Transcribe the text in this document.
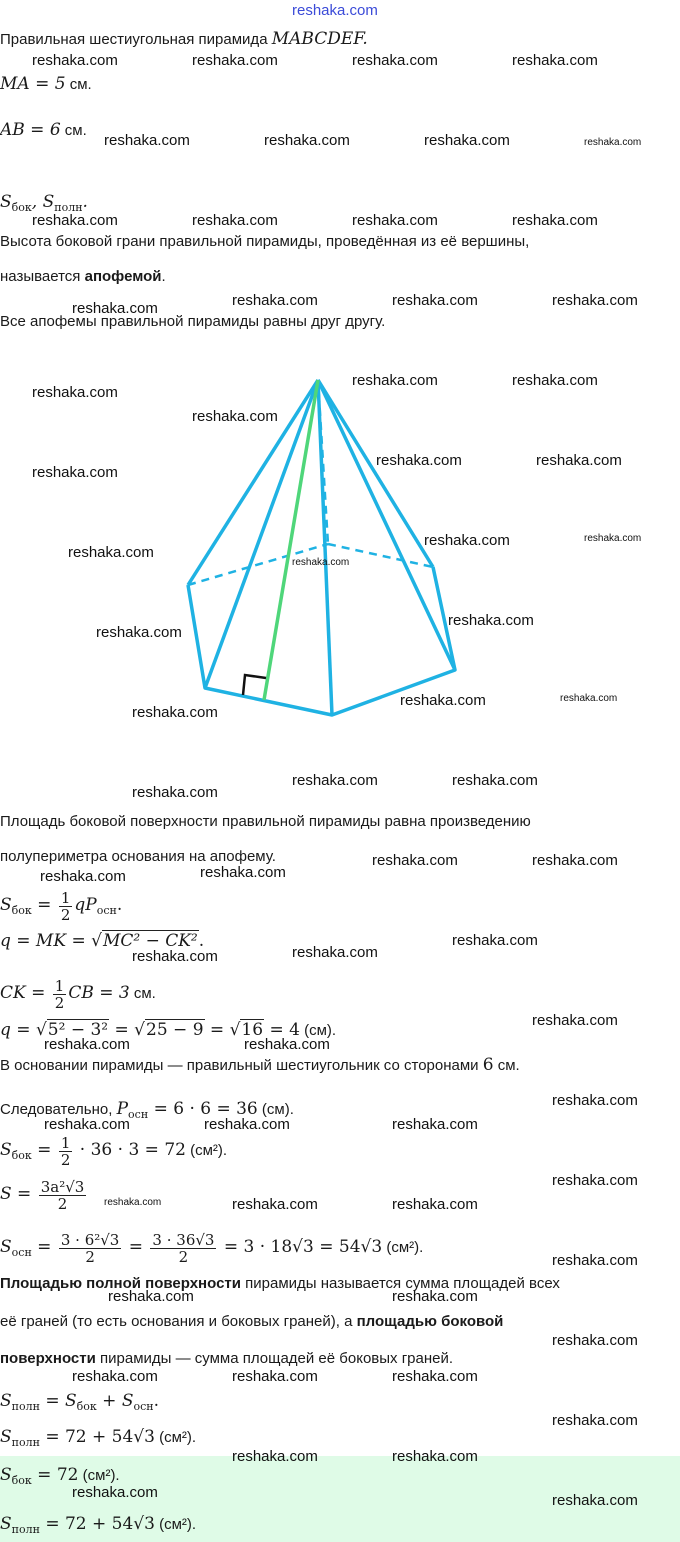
reshaka.com
Правильная шестиугольная пирамида MABCDEF.
MA = 5 см.
AB = 6 см.
$S_{бок}$, $S_{полн}$.
Высота боковой грани правильной пирамиды, проведённая из её вершины,
называется апофемой.
Все апофемы правильной пирамиды равны друг другу.
Площадь боковой поверхности правильной пирамиды равна произведению
полупериметра основания на апофему.
$S_{бок} = \frac{1}{2} qP_{осн}$.
q = MK = √MC² − CK².
CK = $\frac{1}{2}$ CB = 3 см.
q = √5² − 3² = √25 − 9 = √16 = 4 (см).
В основании пирамиды — правильный шестиугольник со сторонами 6 см.
Следовательно, $P_{осн} = 6 \cdot 6 = 36$ (см).
$S_{бок} = \frac{1}{2} \cdot 36 \cdot 3 = 72$ (см²).
$S = \frac{\text{3a²√3}}{2}$
$S_{осн} = \frac{\text{3 · 6²√3}}{2} = \frac{3 \cdot 36√3}{2} = 3 \cdot 18√3 = 54√3$ (см²).
Площадью полной поверхности пирамиды называется сумма площадей всех
её граней (то есть основания и боковых граней), а площадью боковой
поверхности пирамиды — сумма площадей её боковых граней.
$S_{полн} = S_{бок} + S_{осн}$.
$S_{полн} = 72 + 54√3$ (см²).
$S_{бок} = 72$ (см²).
$S_{полн} = 72 + 54√3$ (см²).
reshaka.com	reshaka.com	reshaka.com	reshaka.com
reshaka.com	reshaka.com	reshaka.com	reshaka.com
reshaka.com	reshaka.com	reshaka.com	reshaka.com
reshaka.com	reshaka.com	reshaka.com	reshaka.com
reshaka.com
reshaka.com	reshaka.com
reshaka.com
reshaka.com
reshaka.com	reshaka.com
reshaka.com
reshaka.com	reshaka.com
reshaka.com
reshaka.com
reshaka.com
reshaka.com
reshaka.com	reshaka.com
reshaka.com	reshaka.com
reshaka.com
reshaka.com	reshaka.com
reshaka.com	reshaka.com
reshaka.com
reshaka.com
reshaka.com
reshaka.com
reshaka.com	reshaka.com
reshaka.com
reshaka.com	reshaka.com	reshaka.com
reshaka.com
reshaka.com	reshaka.com	reshaka.com
reshaka.com
reshaka.com	reshaka.com
reshaka.com
reshaka.com	reshaka.com	reshaka.com
reshaka.com
reshaka.com	reshaka.com
reshaka.com	reshaka.com
